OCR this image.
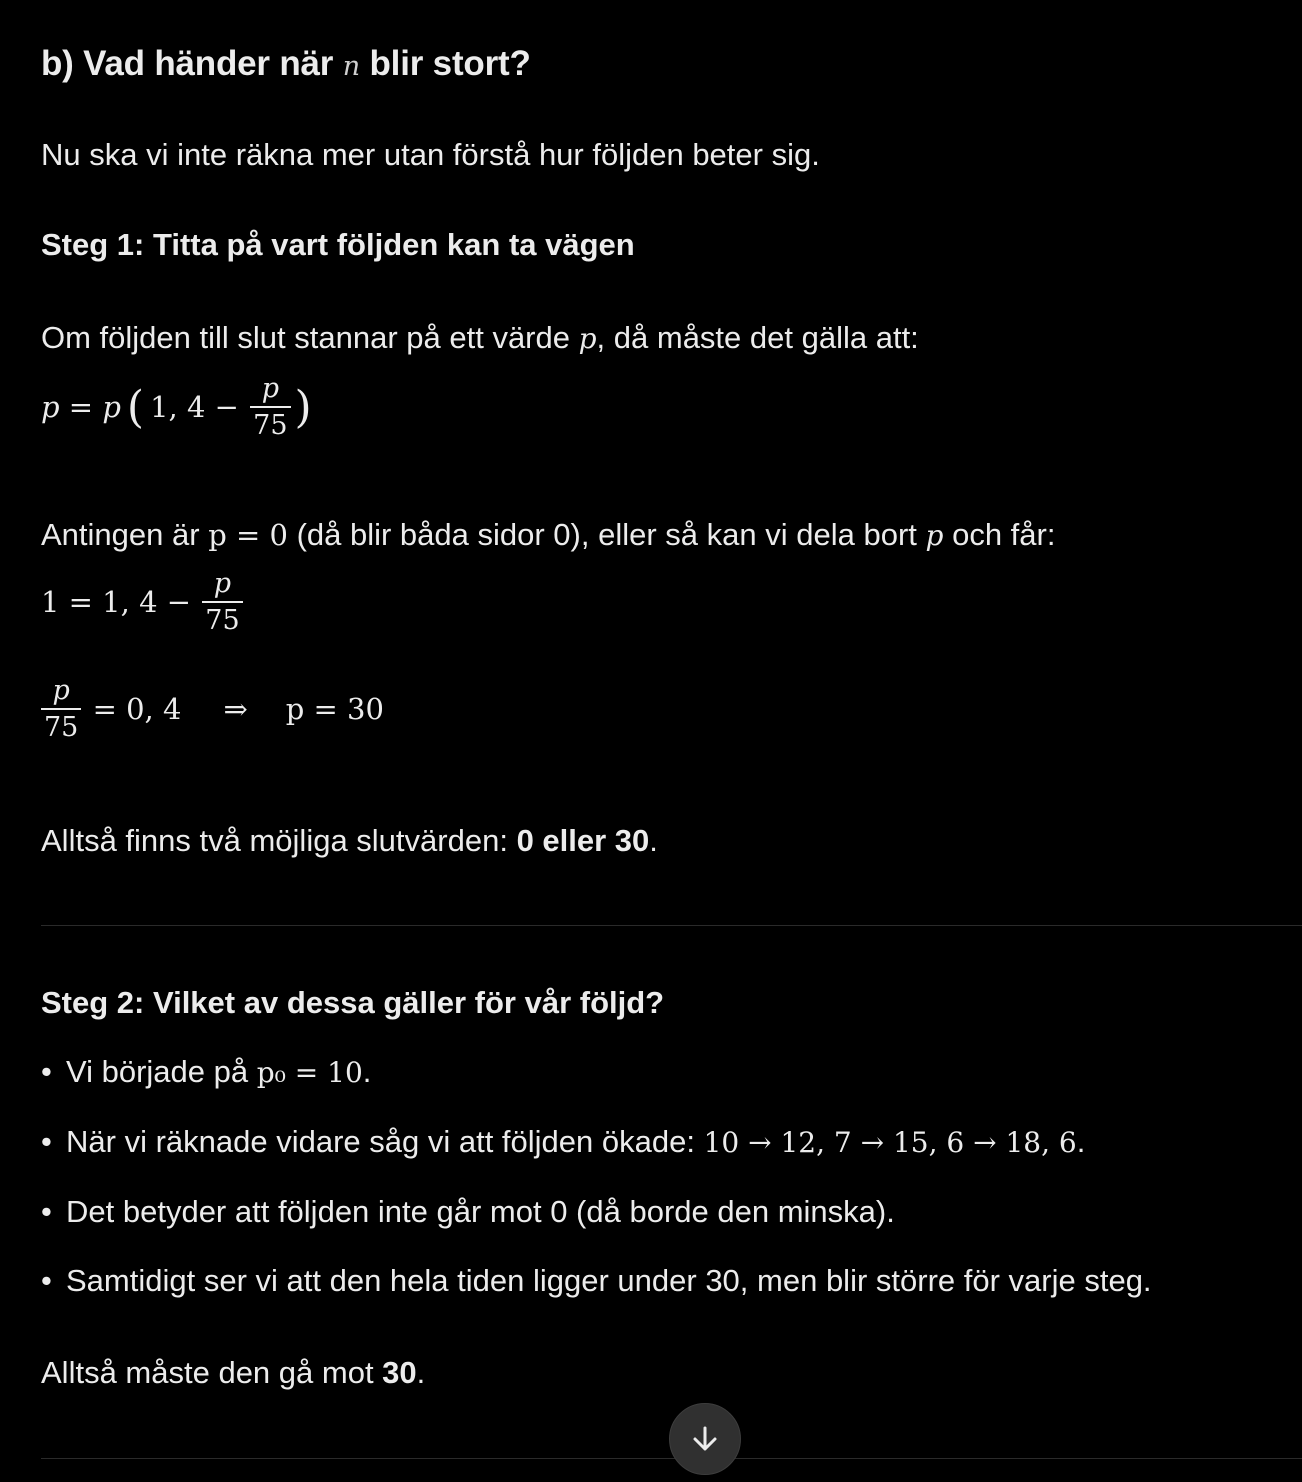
b) Vad händer när n blir stort?
Nu ska vi inte räkna mer utan förstå hur följden beter sig.
Steg 1: Titta på vart följden kan ta vägen
Om följden till slut stannar på ett värde p, då måste det gälla att:
p = p ( 1, $4 - \frac{p}{75}$ )
Antingen är p = 0 (då blir båda sidor 0), eller så kan vi dela bort p och får:
1 = 1, $4 - \frac{p}{75}$
$\frac{p}{75} = 0$, 4 ⇒ p = 30
Alltså finns två möjliga slutvärden: 0 eller 30.
Steg 2: Vilket av dessa gäller för vår följd?
• Vi började på p₀ = 10.
• När vi räknade vidare såg vi att följden ökade: 10 → 12, 7 → 15, 6 → 18, 6.
• Det betyder att följden inte går mot 0 (då borde den minska).
• Samtidigt ser vi att den hela tiden ligger under 30, men blir större för varje steg.
Alltså måste den gå mot 30.
